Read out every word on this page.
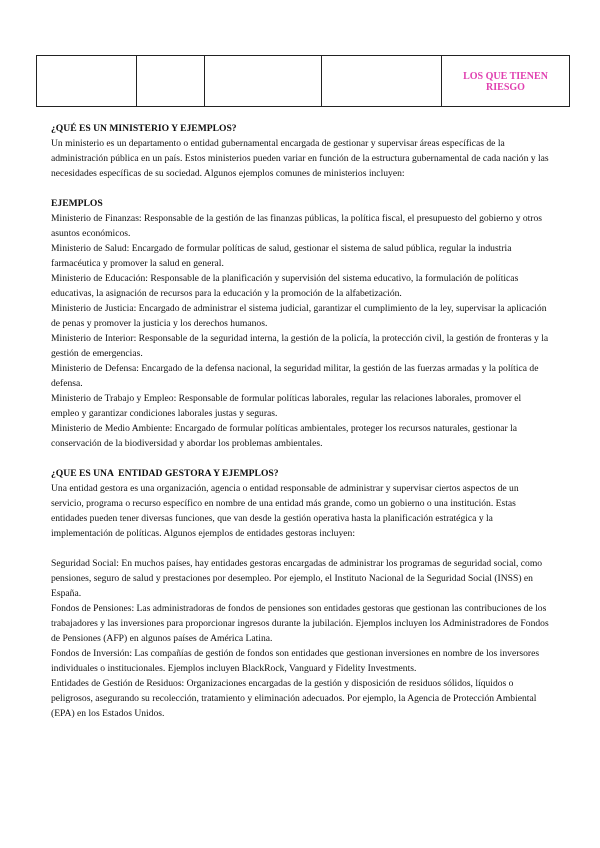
				LOS QUE TIENEN
RIESGO

¿QUÉ ES UN MINISTERIO Y EJEMPLOS?

Un ministerio es un departamento o entidad gubernamental encargada de gestionar y supervisar áreas específicas de la administración pública en un país. Estos ministerios pueden variar en función de la estructura gubernamental de cada nación y las necesidades específicas de su sociedad. Algunos ejemplos comunes de ministerios incluyen:

EJEMPLOS

Ministerio de Finanzas: Responsable de la gestión de las finanzas públicas, la política fiscal, el presupuesto del gobierno y otros asuntos económicos.

Ministerio de Salud: Encargado de formular políticas de salud, gestionar el sistema de salud pública, regular la industria farmacéutica y promover la salud en general.

Ministerio de Educación: Responsable de la planificación y supervisión del sistema educativo, la formulación de políticas educativas, la asignación de recursos para la educación y la promoción de la alfabetización.

Ministerio de Justicia: Encargado de administrar el sistema judicial, garantizar el cumplimiento de la ley, supervisar la aplicación de penas y promover la justicia y los derechos humanos.

Ministerio de Interior: Responsable de la seguridad interna, la gestión de la policía, la protección civil, la gestión de fronteras y la gestión de emergencias.

Ministerio de Defensa: Encargado de la defensa nacional, la seguridad militar, la gestión de las fuerzas armadas y la política de defensa.

Ministerio de Trabajo y Empleo: Responsable de formular políticas laborales, regular las relaciones laborales, promover el empleo y garantizar condiciones laborales justas y seguras.

Ministerio de Medio Ambiente: Encargado de formular políticas ambientales, proteger los recursos naturales, gestionar la conservación de la biodiversidad y abordar los problemas ambientales.

¿QUE ES UNA  ENTIDAD GESTORA Y EJEMPLOS?

Una entidad gestora es una organización, agencia o entidad responsable de administrar y supervisar ciertos aspectos de un servicio, programa o recurso específico en nombre de una entidad más grande, como un gobierno o una institución. Estas entidades pueden tener diversas funciones, que van desde la gestión operativa hasta la planificación estratégica y la implementación de políticas. Algunos ejemplos de entidades gestoras incluyen:

Seguridad Social: En muchos países, hay entidades gestoras encargadas de administrar los programas de seguridad social, como pensiones, seguro de salud y prestaciones por desempleo. Por ejemplo, el Instituto Nacional de la Seguridad Social (INSS) en España.

Fondos de Pensiones: Las administradoras de fondos de pensiones son entidades gestoras que gestionan las contribuciones de los trabajadores y las inversiones para proporcionar ingresos durante la jubilación. Ejemplos incluyen los Administradores de Fondos de Pensiones (AFP) en algunos países de América Latina.

Fondos de Inversión: Las compañías de gestión de fondos son entidades que gestionan inversiones en nombre de los inversores individuales o institucionales. Ejemplos incluyen BlackRock, Vanguard y Fidelity Investments.

Entidades de Gestión de Residuos: Organizaciones encargadas de la gestión y disposición de residuos sólidos, líquidos o peligrosos, asegurando su recolección, tratamiento y eliminación adecuados. Por ejemplo, la Agencia de Protección Ambiental (EPA) en los Estados Unidos.
